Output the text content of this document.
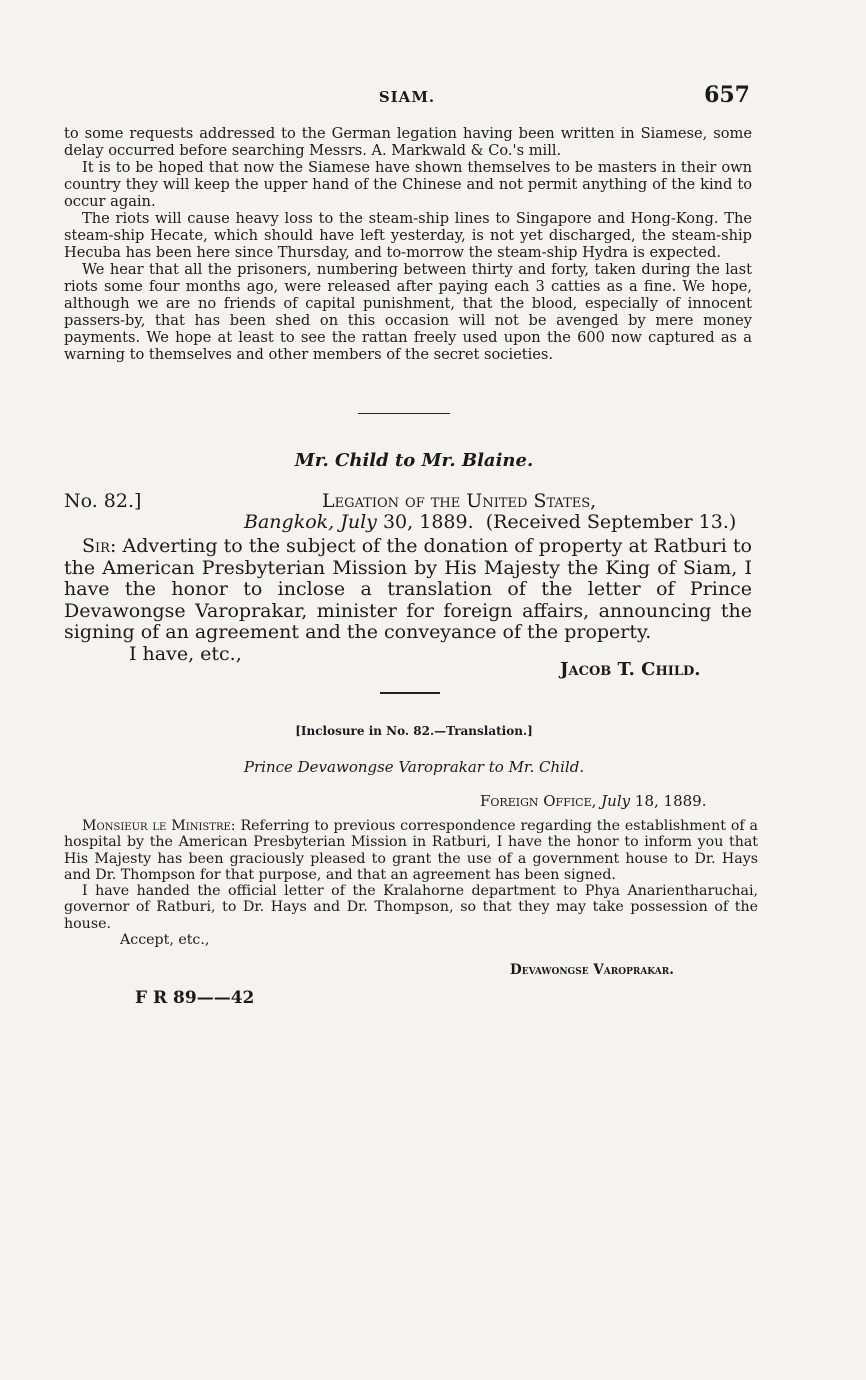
SIAM.	657

to some requests addressed to the German legation having been written in Siamese, some delay occurred before searching Messrs. A. Markwald & Co.'s mill.

It is to be hoped that now the Siamese have shown themselves to be masters in their own country they will keep the upper hand of the Chinese and not permit anything of the kind to occur again.

The riots will cause heavy loss to the steam-ship lines to Singapore and Hong-Kong. The steam-ship Hecate, which should have left yesterday, is not yet discharged, the steam-ship Hecuba has been here since Thursday, and to-morrow the steam-ship Hydra is expected.

We hear that all the prisoners, numbering between thirty and forty, taken during the last riots some four months ago, were released after paying each 3 catties as a fine. We hope, although we are no friends of capital punishment, that the blood, especially of innocent passers-by, that has been shed on this occasion will not be avenged by mere money payments. We hope at least to see the rattan freely used upon the 600 now captured as a warning to themselves and other members of the secret societies.

Mr. Child to Mr. Blaine.
No. 82.]	Legation of the United States,
Bangkok, July 30, 1889. (Received September 13.)

Sir: Adverting to the subject of the donation of property at Ratburi to the American Presbyterian Mission by His Majesty the King of Siam, I have the honor to inclose a translation of the letter of Prince Devawongse Varoprakar, minister for foreign affairs, announcing the signing of an agreement and the conveyance of the property.

I have, etc.,

Jacob T. Child.
[Inclosure in No. 82.—Translation.]
Prince Devawongse Varoprakar to Mr. Child.
Foreign Office, July 18, 1889.

Monsieur le Ministre: Referring to previous correspondence regarding the establishment of a hospital by the American Presbyterian Mission in Ratburi, I have the honor to inform you that His Majesty has been graciously pleased to grant the use of a government house to Dr. Hays and Dr. Thompson for that purpose, and that an agreement has been signed.

I have handed the official letter of the Kralahorne department to Phya Anarientharuchai, governor of Ratburi, to Dr. Hays and Dr. Thompson, so that they may take possession of the house.

Accept, etc.,

Devawongse Varoprakar.
F R 89——42
